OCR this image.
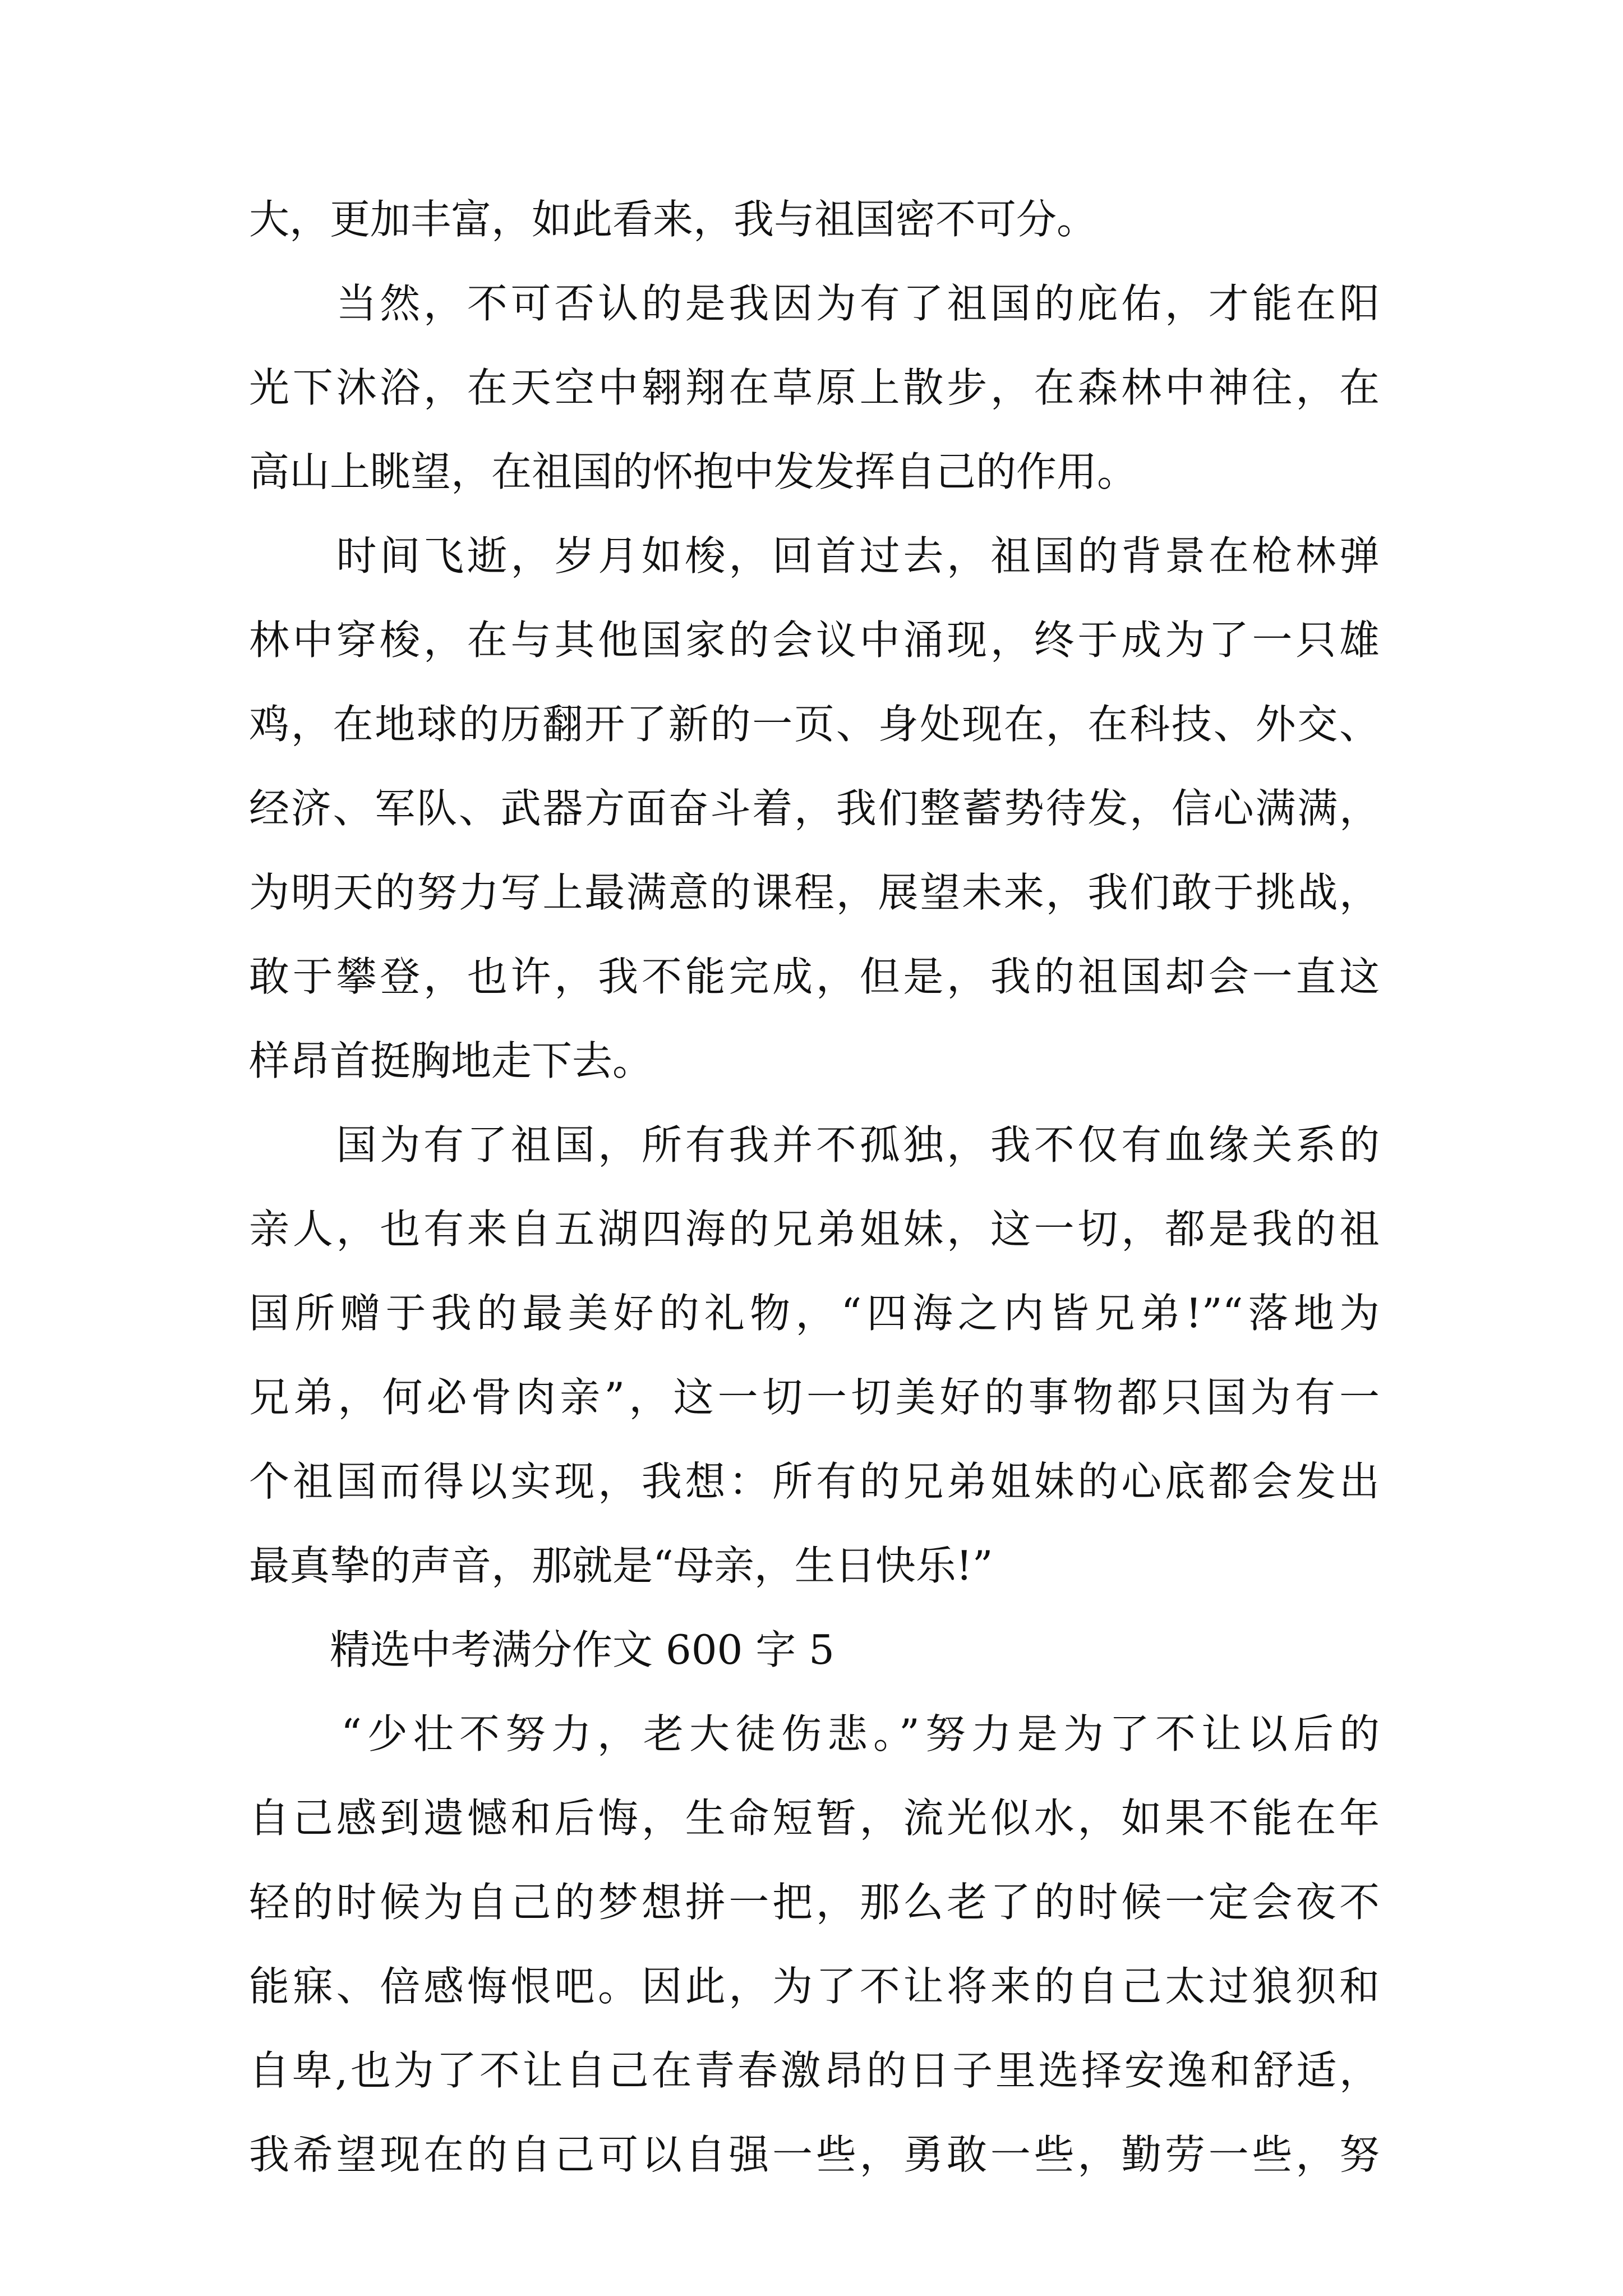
大，更加丰富，如此看来，我与祖国密不可分。
　　当然，不可否认的是我因为有了祖国的庇佑，才能在阳
光下沐浴，在天空中翱翔在草原上散步，在森林中神往，在
高山上眺望，在祖国的怀抱中发发挥自己的作用。
　　时间飞逝，岁月如梭，回首过去，祖国的背景在枪林弹
林中穿梭，在与其他国家的会议中涌现，终于成为了一只雄
鸡，在地球的历翻开了新的一页、身处现在，在科技、外交、
经济、军队、武器方面奋斗着，我们整蓄势待发，信心满满，
为明天的努力写上最满意的课程，展望未来，我们敢于挑战，
敢于攀登，也许，我不能完成，但是，我的祖国却会一直这
样昂首挺胸地走下去。
　　国为有了祖国，所有我并不孤独，我不仅有血缘关系的
亲人，也有来自五湖四海的兄弟姐妹，这一切，都是我的祖
国所赠于我的最美好的礼物，“四海之内皆兄弟!”“落地为
兄弟，何必骨肉亲”，这一切一切美好的事物都只国为有一
个祖国而得以实现，我想：所有的兄弟姐妹的心底都会发出
最真挚的声音，那就是“母亲，生日快乐!”
　　精选中考满分作文 600 字 5
　　“少壮不努力，老大徒伤悲。”努力是为了不让以后的
自己感到遗憾和后悔，生命短暂，流光似水，如果不能在年
轻的时候为自己的梦想拼一把，那么老了的时候一定会夜不
能寐、倍感悔恨吧。因此，为了不让将来的自己太过狼狈和
自卑,也为了不让自己在青春激昂的日子里选择安逸和舒适，
我希望现在的自己可以自强一些，勇敢一些，勤劳一些，努
